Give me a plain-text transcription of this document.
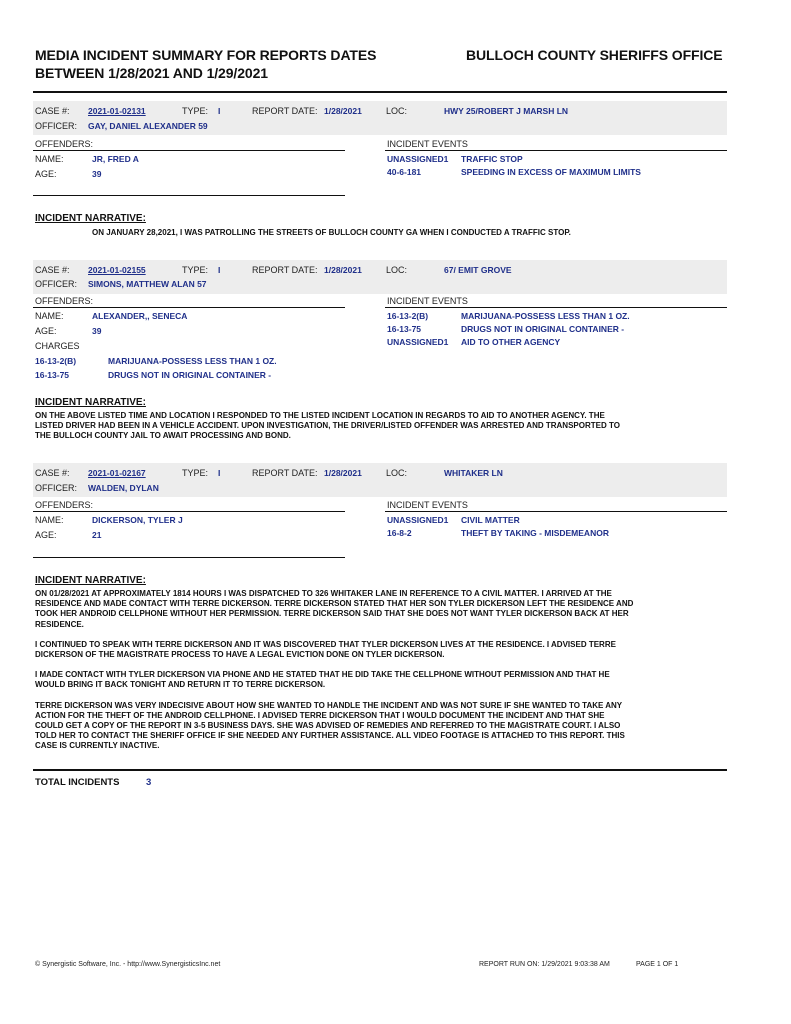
MEDIA INCIDENT SUMMARY FOR REPORTS DATES
BETWEEN 1/28/2021 AND 1/29/2021
BULLOCH COUNTY SHERIFFS OFFICE
CASE #: 2021-01-02131	TYPE: I	REPORT DATE: 1/28/2021	LOC:	HWY 25/ROBERT J MARSH LN
OFFICER: GAY, DANIEL ALEXANDER 59
OFFENDERS:
NAME:	JR, FRED A
AGE:	39
INCIDENT EVENTS
UNASSIGNED1 TRAFFIC STOP
40-6-181	SPEEDING IN EXCESS OF MAXIMUM LIMITS
INCIDENT NARRATIVE:
ON JANUARY 28,2021, I WAS PATROLLING THE STREETS OF BULLOCH COUNTY GA WHEN I CONDUCTED A TRAFFIC STOP.
CASE #: 2021-01-02155	TYPE: I	REPORT DATE: 1/28/2021	LOC:	67/ EMIT GROVE
OFFICER: SIMONS, MATTHEW ALAN 57
OFFENDERS:
NAME:	ALEXANDER,, SENECA
AGE:	39
CHARGES
16-13-2(B)	MARIJUANA-POSSESS LESS THAN 1 OZ.
16-13-75	DRUGS NOT IN ORIGINAL CONTAINER -
INCIDENT EVENTS
16-13-2(B)	MARIJUANA-POSSESS LESS THAN 1 OZ.
16-13-75	DRUGS NOT IN ORIGINAL CONTAINER -
UNASSIGNED1 AID TO OTHER AGENCY
INCIDENT NARRATIVE:
ON THE ABOVE LISTED TIME AND LOCATION I RESPONDED TO THE LISTED INCIDENT LOCATION IN REGARDS TO AID TO ANOTHER AGENCY. THE
LISTED DRIVER HAD BEEN IN A VEHICLE ACCIDENT. UPON INVESTIGATION, THE DRIVER/LISTED OFFENDER WAS ARRESTED AND TRANSPORTED TO
THE BULLOCH COUNTY JAIL TO AWAIT PROCESSING AND BOND.
CASE #: 2021-01-02167	TYPE: I	REPORT DATE: 1/28/2021	LOC:	WHITAKER LN
OFFICER: WALDEN, DYLAN
OFFENDERS:
NAME:	DICKERSON, TYLER J
AGE:	21
INCIDENT EVENTS
UNASSIGNED1 CIVIL MATTER
16-8-2	THEFT BY TAKING - MISDEMEANOR
INCIDENT NARRATIVE:

ON 01/28/2021 AT APPROXIMATELY 1814 HOURS I WAS DISPATCHED TO 326 WHITAKER LANE IN REFERENCE TO A CIVIL MATTER. I ARRIVED AT THE
RESIDENCE AND MADE CONTACT WITH TERRE DICKERSON. TERRE DICKERSON STATED THAT HER SON TYLER DICKERSON LEFT THE RESIDENCE AND
TOOK HER ANDROID CELLPHONE WITHOUT HER PERMISSION. TERRE DICKERSON SAID THAT SHE DOES NOT WANT TYLER DICKERSON BACK AT HER
RESIDENCE.

I CONTINUED TO SPEAK WITH TERRE DICKERSON AND IT WAS DISCOVERED THAT TYLER DICKERSON LIVES AT THE RESIDENCE. I ADVISED TERRE
DICKERSON OF THE MAGISTRATE PROCESS TO HAVE A LEGAL EVICTION DONE ON TYLER DICKERSON.

I MADE CONTACT WITH TYLER DICKERSON VIA PHONE AND HE STATED THAT HE DID TAKE THE CELLPHONE WITHOUT PERMISSION AND THAT HE
WOULD BRING IT BACK TONIGHT AND RETURN IT TO TERRE DICKERSON.

TERRE DICKERSON WAS VERY INDECISIVE ABOUT HOW SHE WANTED TO HANDLE THE INCIDENT AND WAS NOT SURE IF SHE WANTED TO TAKE ANY
ACTION FOR THE THEFT OF THE ANDROID CELLPHONE. I ADVISED TERRE DICKERSON THAT I WOULD DOCUMENT THE INCIDENT AND THAT SHE
COULD GET A COPY OF THE REPORT IN 3-5 BUSINESS DAYS. SHE WAS ADVISED OF REMEDIES AND REFERRED TO THE MAGISTRATE COURT. I ALSO
TOLD HER TO CONTACT THE SHERIFF OFFICE IF SHE NEEDED ANY FURTHER ASSISTANCE. ALL VIDEO FOOTAGE IS ATTACHED TO THIS REPORT. THIS
CASE IS CURRENTLY INACTIVE.

TOTAL INCIDENTS	3
© Synergistic Software, Inc. - http://www.SynergisticsInc.net	REPORT RUN ON: 1/29/2021 9:03:38 AM	PAGE 1 OF 1
